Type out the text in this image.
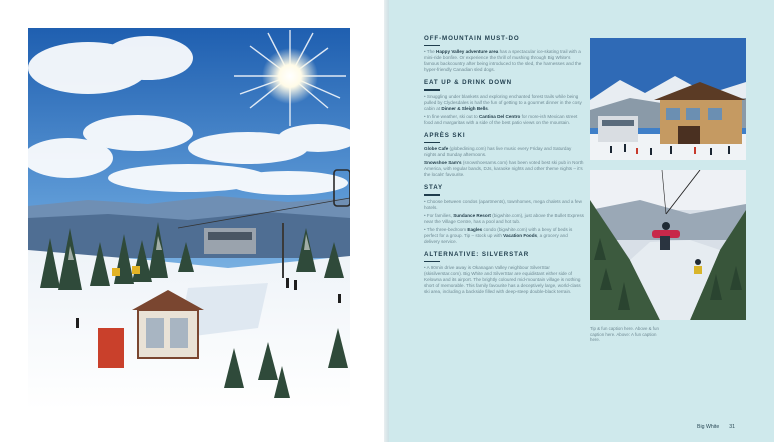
OFF-MOUNTAIN MUST-DO

• The Happy Valley adventure area has a spectacular ice-skating trail with a mini-ride bonfire. Or experience the thrill of mushing through Big White's famous backcountry after being introduced to the sled, the harnesses and the hyper-friendly Canadian sled dogs.

EAT UP & DRINK DOWN

• Snuggling under blankets and exploring enchanted forest trails while being pulled by Clydesdales is half the fun of getting to a gourmet dinner in the cosy cabin at Dinner & Sleigh Bells.

• In fine weather, ski out to Cantina Del Centro for more-ish Mexican street food and margaritas with a side of the best patio views on the mountain.

APRÈS SKI

Globe Cafe (globedining.com) has live music every Friday and Saturday nights and Sunday afternoons.

Snowshoe Sam's (snowshoesams.com) has been voted best ski pub in North America, with regular bands, DJs, karaoke nights and other theme nights – it's the locals' favourite.

STAY

• Choose between condos (apartments), townhomes, mega chalets and a few hotels.

• For families, Sundance Resort (bigwhite.com), just above the Bullet Express near the Village Centre, has a pool and hot tub.

• The three-bedroom Eagles condo (bigwhite.com) with a bevy of beds is perfect for a group. Tip – stock up with Vacation Foods, a grocery and delivery service.

ALTERNATIVE: SILVERSTAR

• A 90min drive away is Okanagan Valley neighbour SilverStar (skisilverstar.com). Big White and SilverStar are equidistant either side of Kelowna and its airport. The brightly coloured mid-mountain village is nothing short of memorable. This family favourite has a deceptively large, world-class ski area, including a backside filled with deep-steep double-black terrain.

Tip & fun caption here. Above & fun caption here. Above: A fun caption here.
Big White 31
